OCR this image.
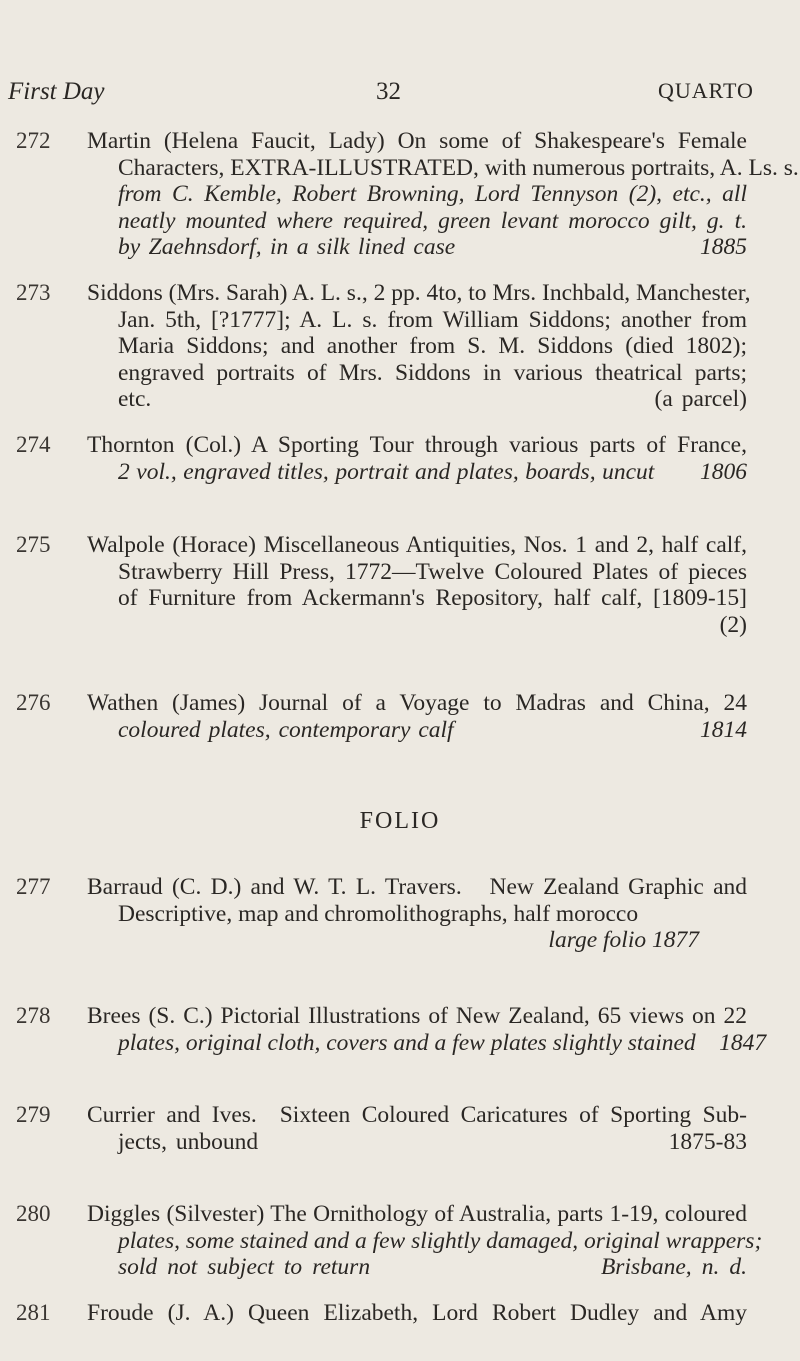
First Day	32	QUARTO
272 Martin (Helena Faucit, Lady) On some of Shakespeare's Female
Characters, EXTRA-ILLUSTRATED, with numerous portraits, A. Ls. s.
from C. Kemble, Robert Browning, Lord Tennyson (2), etc., all
neatly mounted where required, green levant morocco gilt, g. t.
by Zaehnsdorf, in a silk lined case                             1885
273 Siddons (Mrs. Sarah) A. L. s., 2 pp. 4to, to Mrs. Inchbald, Manchester,
Jan. 5th, [?1777]; A. L. s. from William Siddons; another from
Maria Siddons; and another from S. M. Siddons (died 1802);
engraved portraits of Mrs. Siddons in various theatrical parts;
etc.                                                        (a parcel)
274 Thornton (Col.) A Sporting Tour through various parts of France,
2 vol., engraved titles, portrait and plates, boards, uncut       1806
275 Walpole (Horace) Miscellaneous Antiquities, Nos. 1 and 2, half calf,
Strawberry Hill Press, 1772—Twelve Coloured Plates of pieces
of Furniture from Ackermann's Repository, half calf, [1809-15]
(2)
276 Wathen (James) Journal of a Voyage to Madras and China, 24
coloured plates, contemporary calf                               1814
FOLIO
277 Barraud (C. D.) and W. T. L. Travers.   New Zealand Graphic and
Descriptive, map and chromolithographs, half morocco
large folio 1877
278 Brees (S. C.) Pictorial Illustrations of New Zealand, 65 views on 22
plates, original cloth, covers and a few plates slightly stained    1847
279 Currier and Ives.  Sixteen Coloured Caricatures of Sporting Sub-
jects, unbound                                              1875-83
280 Diggles (Silvester) The Ornithology of Australia, parts 1-19, coloured
plates, some stained and a few slightly damaged, original wrappers;
sold not subject to return                       Brisbane, n. d.
281 Froude (J. A.) Queen Elizabeth, Lord Robert Dudley and Amy
